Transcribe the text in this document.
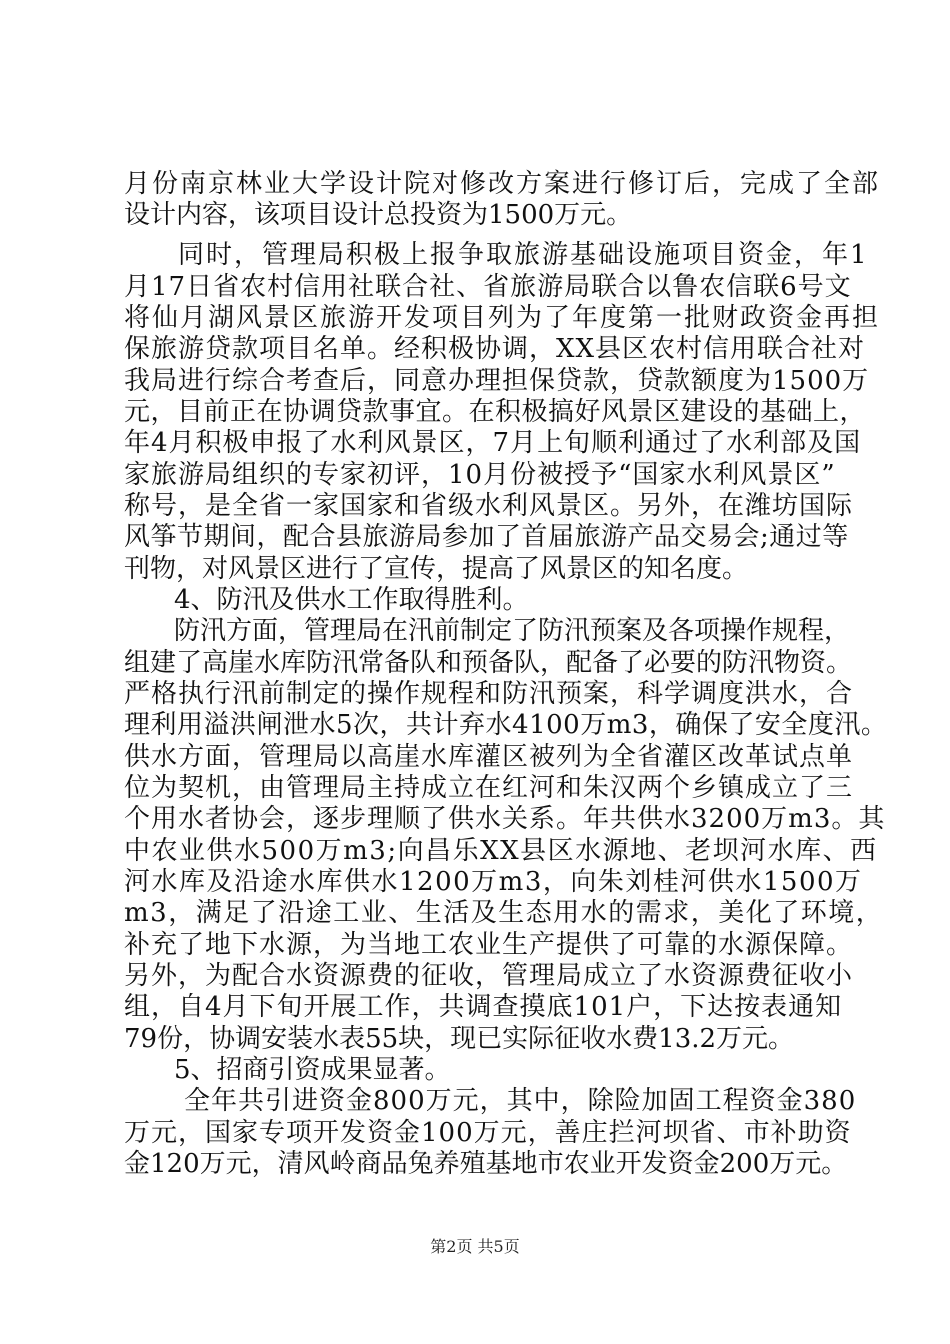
月份南京林业大学设计院对修改方案进行修订后，完成了全部
设计内容，该项目设计总投资为1500万元。
同时，管理局积极上报争取旅游基础设施项目资金，年1
月17日省农村信用社联合社、省旅游局联合以鲁农信联6号文
将仙月湖风景区旅游开发项目列为了年度第一批财政资金再担
保旅游贷款项目名单。经积极协调，XX县区农村信用联合社对
我局进行综合考查后，同意办理担保贷款，贷款额度为1500万
元，目前正在协调贷款事宜。在积极搞好风景区建设的基础上，
年4月积极申报了水利风景区，7月上旬顺利通过了水利部及国
家旅游局组织的专家初评，10月份被授予“国家水利风景区”
称号，是全省一家国家和省级水利风景区。另外，在潍坊国际
风筝节期间，配合县旅游局参加了首届旅游产品交易会;通过等
刊物，对风景区进行了宣传，提高了风景区的知名度。
4、防汛及供水工作取得胜利。
防汛方面，管理局在汛前制定了防汛预案及各项操作规程，
组建了高崖水库防汛常备队和预备队，配备了必要的防汛物资。
严格执行汛前制定的操作规程和防汛预案，科学调度洪水，合
理利用溢洪闸泄水5次，共计弃水4100万m3，确保了安全度汛。
供水方面，管理局以高崖水库灌区被列为全省灌区改革试点单
位为契机，由管理局主持成立在红河和朱汉两个乡镇成立了三
个用水者协会，逐步理顺了供水关系。年共供水3200万m3。其
中农业供水500万m3;向昌乐XX县区水源地、老坝河水库、西
河水库及沿途水库供水1200万m3，向朱刘桂河供水1500万
m3，满足了沿途工业、生活及生态用水的需求，美化了环境，
补充了地下水源，为当地工农业生产提供了可靠的水源保障。
另外，为配合水资源费的征收，管理局成立了水资源费征收小
组，自4月下旬开展工作，共调查摸底101户，下达按表通知
79份，协调安装水表55块，现已实际征收水费13.2万元。
5、招商引资成果显著。
全年共引进资金800万元，其中，除险加固工程资金380
万元，国家专项开发资金100万元，善庄拦河坝省、市补助资
金120万元，清风岭商品兔养殖基地市农业开发资金200万元。
第2页 共5页
